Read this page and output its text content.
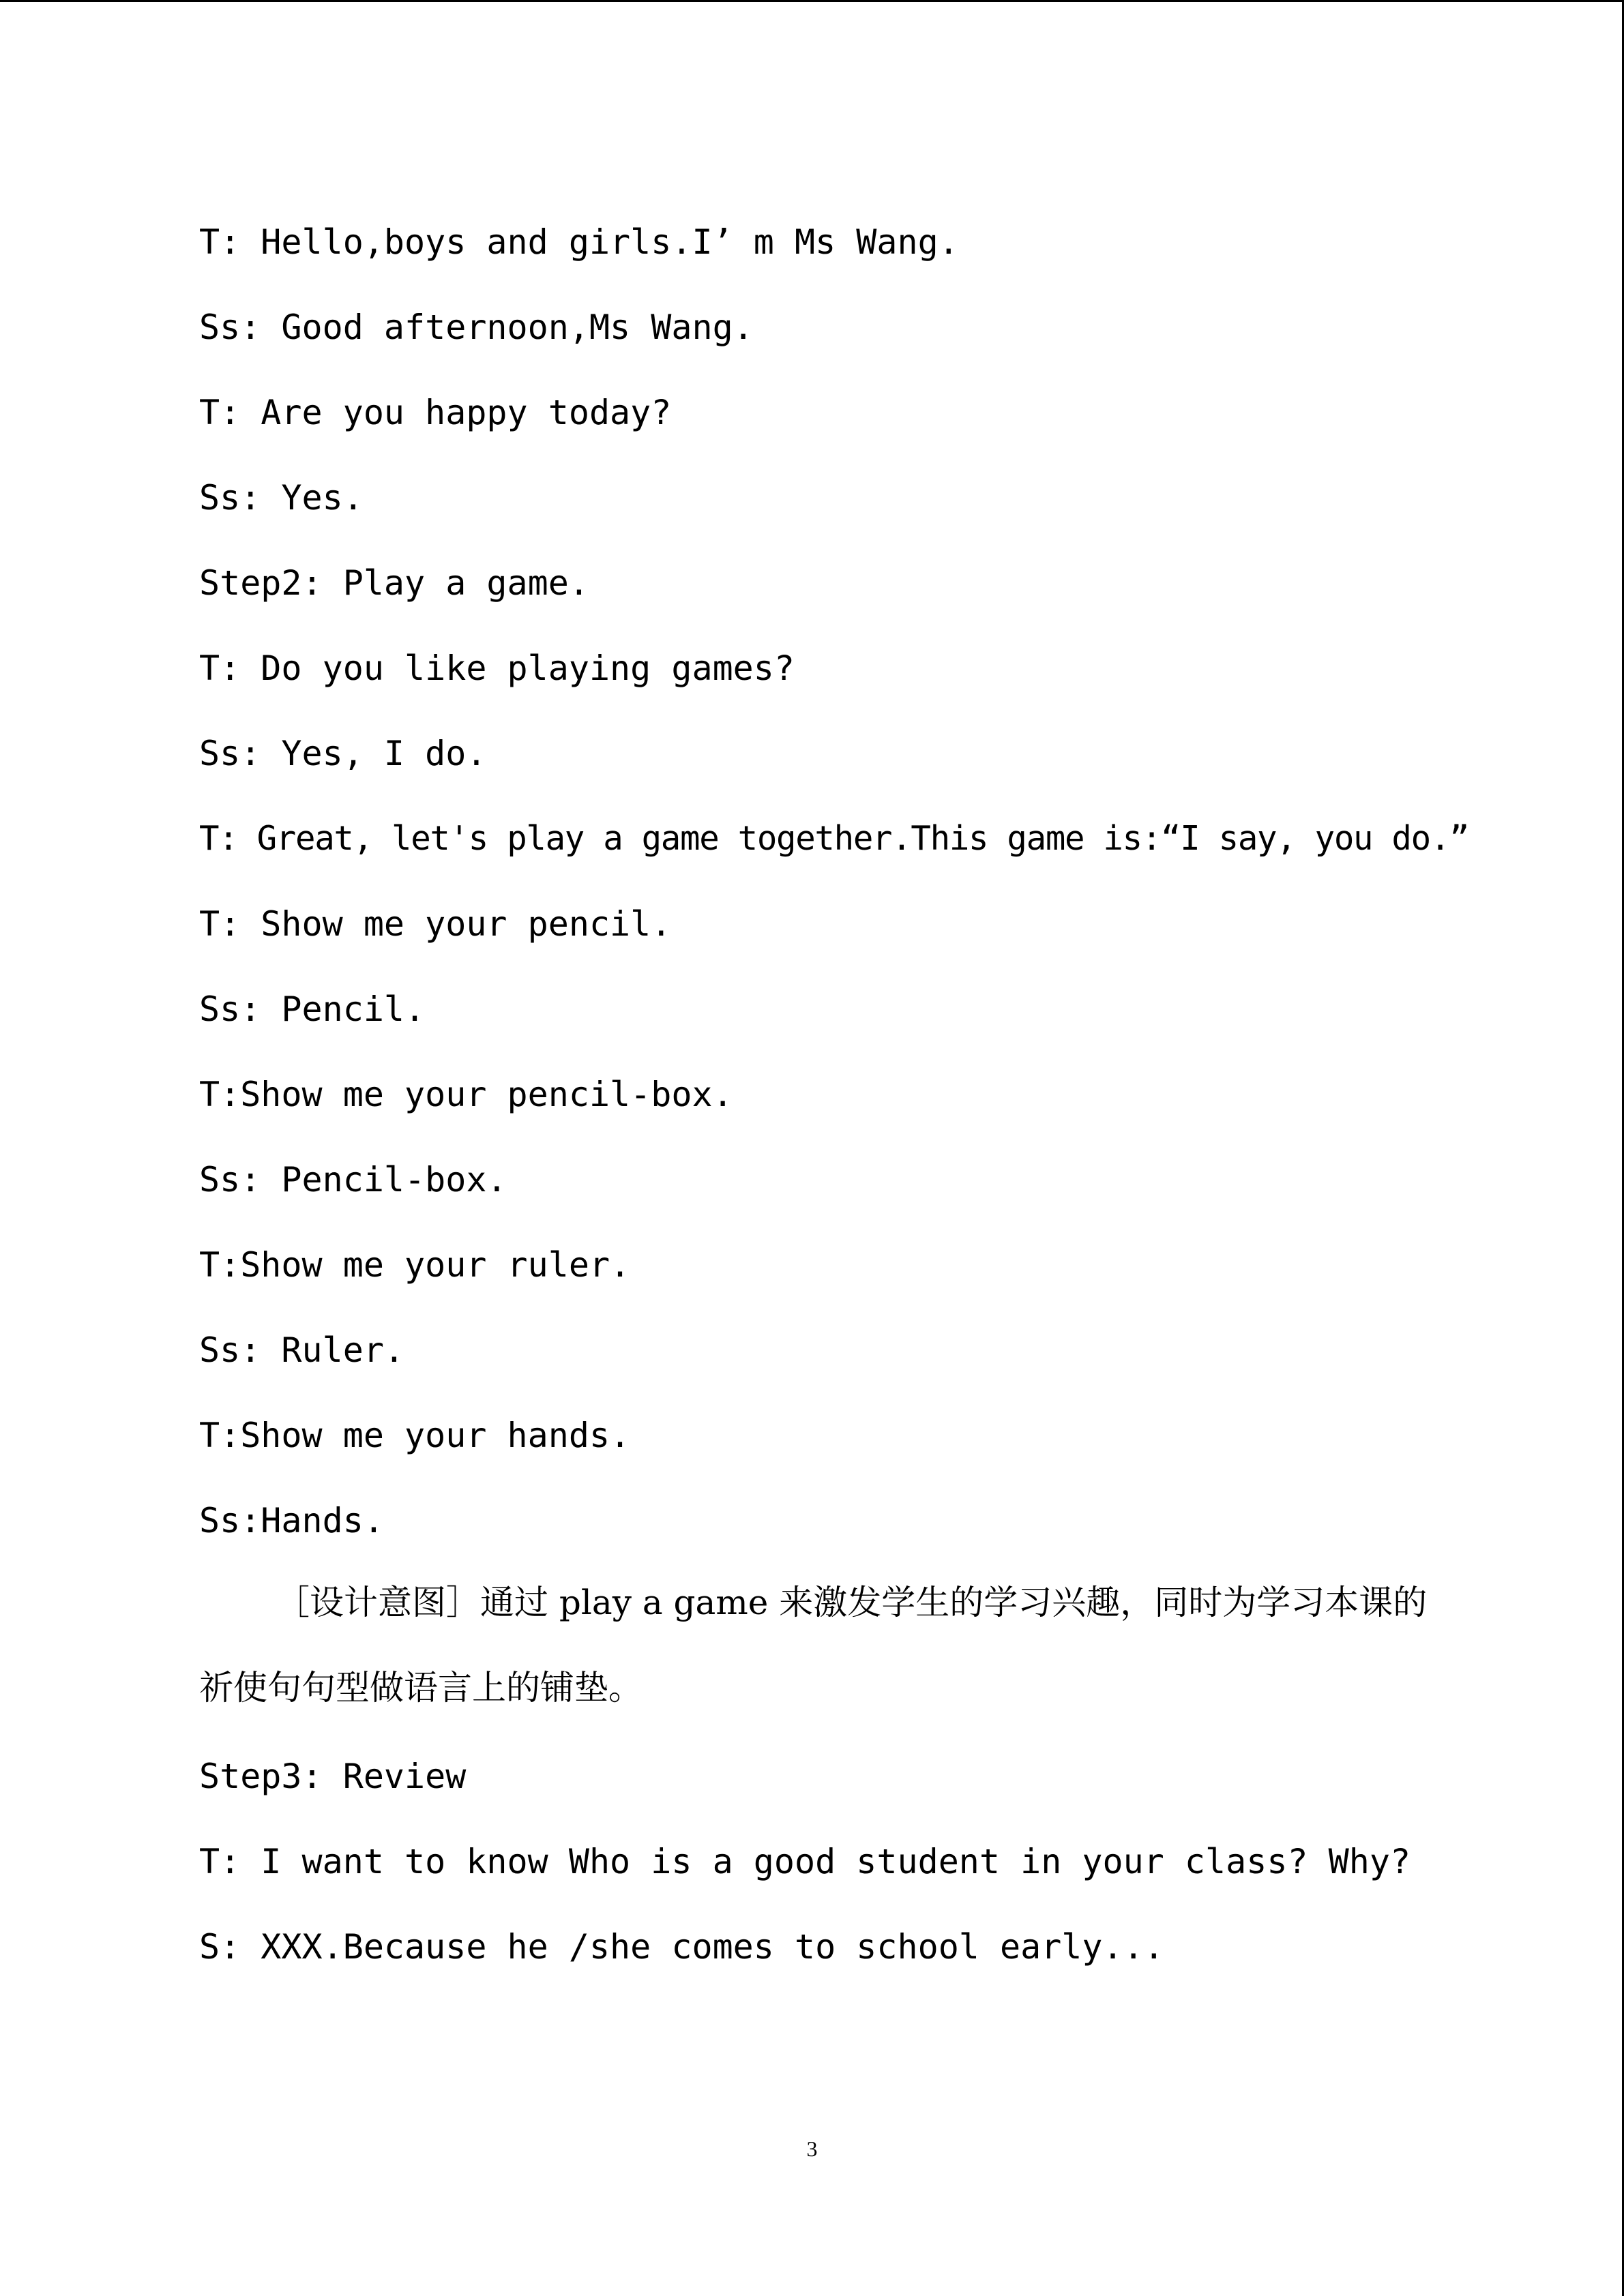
T: Hello,boys and girls.I’ m Ms Wang.

Ss: Good afternoon,Ms Wang.

T: Are you happy today?

Ss: Yes.

Step2: Play a game.

T: Do you like playing games?

Ss: Yes, I do.

T: Great, let's play a game together.This game is:“I say, you do.”

T: Show me your pencil.

Ss: Pencil.

T:Show me your pencil-box.

Ss: Pencil-box.

T:Show me your ruler.

Ss: Ruler.

T:Show me your hands.

Ss:Hands.

［设计意图］通过 play a game 来激发学生的学习兴趣，同时为学习本课的祈使句句型做语言上的铺垫。

Step3: Review

T: I want to know Who is a good student in your class? Why?

S: XXX.Because he /she comes to school early...

3
